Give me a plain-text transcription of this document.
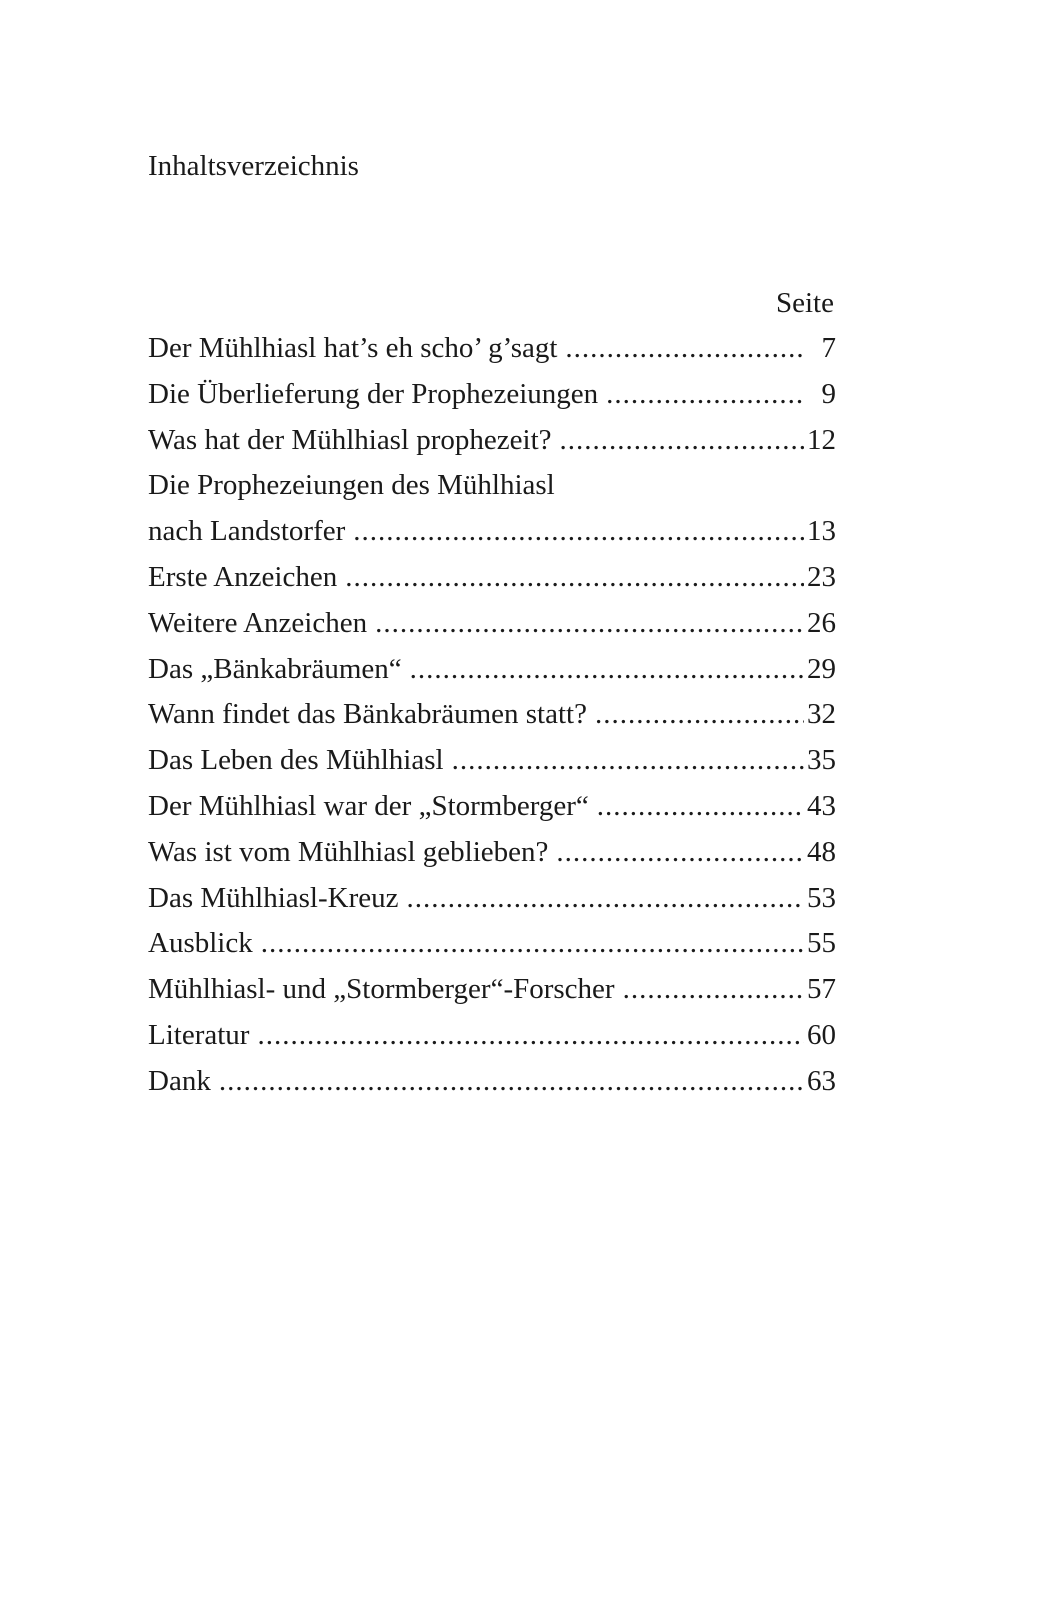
Inhaltsverzeichnis
Seite
Der Mühlhiasl hat’s eh scho’ g’sagt .....	7
Die Überlieferung der Prophezeiungen .....	9
Was hat der Mühlhiasl prophezeit? .....	12
Die Prophezeiungen des Mühlhiasl
nach Landstorfer .....	13
Erste Anzeichen .....	23
Weitere Anzeichen .....	26
Das „Bänkabräumen“ .....	29
Wann findet das Bänkabräumen statt? .....	32
Das Leben des Mühlhiasl .....	35
Der Mühlhiasl war der „Stormberger“ .....	43
Was ist vom Mühlhiasl geblieben? .....	48
Das Mühlhiasl-Kreuz .....	53
Ausblick .....	55
Mühlhiasl- und „Stormberger“-Forscher .....	57
Literatur .....	60
Dank .....	63
